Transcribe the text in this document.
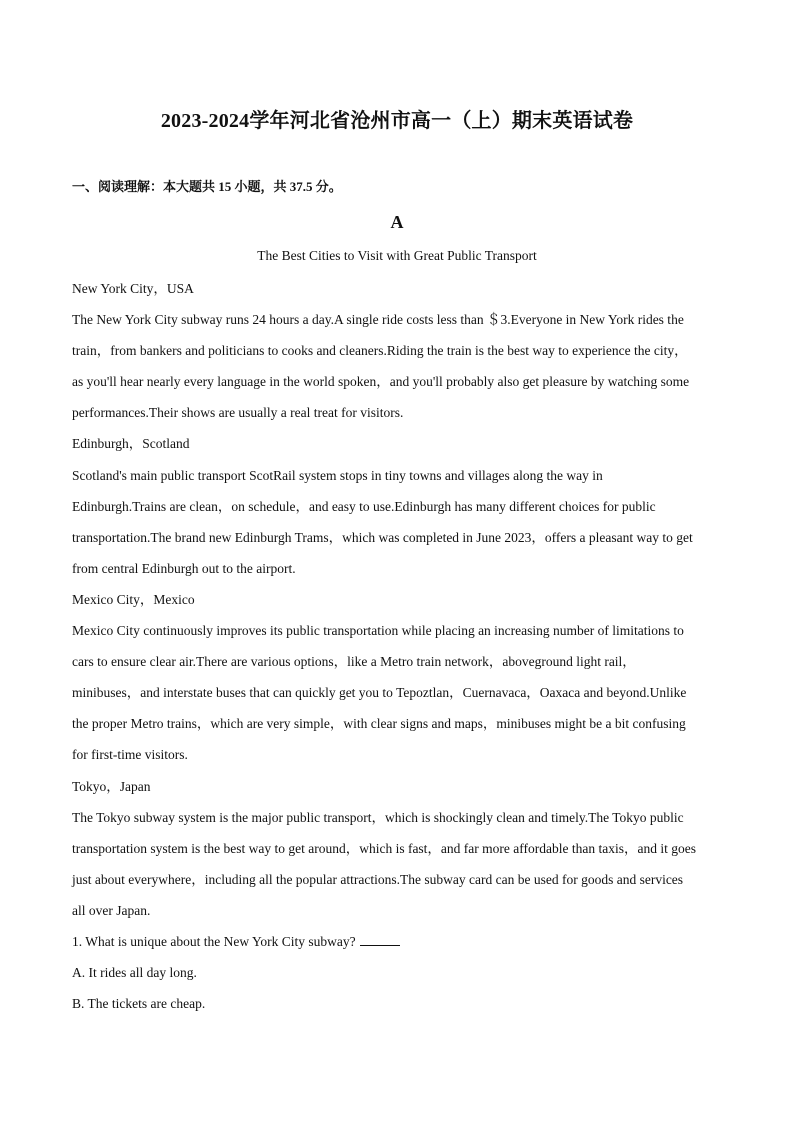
2023-2024学年河北省沧州市高一（上）期末英语试卷
一、阅读理解：本大题共 15 小题，共 37.5 分。
A
The Best Cities to Visit with Great Public Transport
New York City，USA
The New York City subway runs 24 hours a day.A single ride costs less than ＄3.Everyone in New York rides the
train，from bankers and politicians to cooks and cleaners.Riding the train is the best way to experience the city，
as you'll hear nearly every language in the world spoken，and you'll probably also get pleasure by watching some
performances.Their shows are usually a real treat for visitors.
Edinburgh，Scotland
Scotland's main public transport ScotRail system stops in tiny towns and villages along the way in
Edinburgh.Trains are clean，on schedule，and easy to use.Edinburgh has many different choices for public
transportation.The brand new Edinburgh Trams，which was completed in June 2023，offers a pleasant way to get
from central Edinburgh out to the airport.
Mexico City，Mexico
Mexico City continuously improves its public transportation while placing an increasing number of limitations to
cars to ensure clear air.There are various options，like a Metro train network，aboveground light rail，
minibuses，and interstate buses that can quickly get you to Tepoztlan，Cuernavaca，Oaxaca and beyond.Unlike
the proper Metro trains，which are very simple，with clear signs and maps，minibuses might be a bit confusing
for first-time visitors.
Tokyo，Japan
The Tokyo subway system is the major public transport，which is shockingly clean and timely.The Tokyo public
transportation system is the best way to get around，which is fast，and far more affordable than taxis，and it goes
just about everywhere，including all the popular attractions.The subway card can be used for goods and services
all over Japan.
1. What is unique about the New York City subway?
A. It rides all day long.
B. The tickets are cheap.
